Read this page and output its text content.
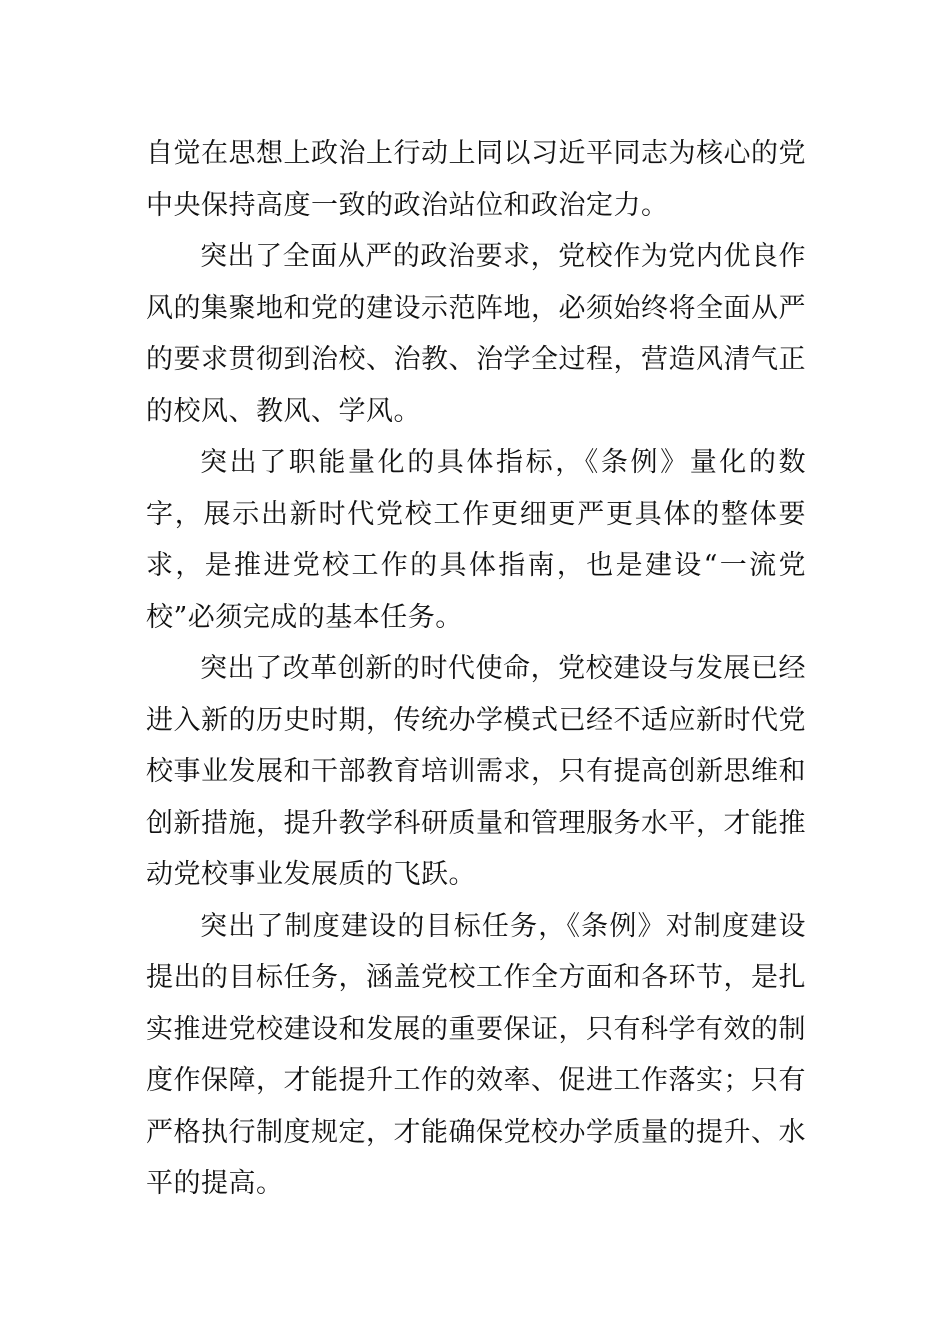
自觉在思想上政治上行动上同以习近平同志为核心的党中央保持高度一致的政治站位和政治定力。

突出了全面从严的政治要求，党校作为党内优良作风的集聚地和党的建设示范阵地，必须始终将全面从严的要求贯彻到治校、治教、治学全过程，营造风清气正的校风、教风、学风。

突出了职能量化的具体指标，《条例》量化的数字，展示出新时代党校工作更细更严更具体的整体要求，是推进党校工作的具体指南，也是建设“一流党校”必须完成的基本任务。

突出了改革创新的时代使命，党校建设与发展已经进入新的历史时期，传统办学模式已经不适应新时代党校事业发展和干部教育培训需求，只有提高创新思维和创新措施，提升教学科研质量和管理服务水平，才能推动党校事业发展质的飞跃。

突出了制度建设的目标任务，《条例》对制度建设提出的目标任务，涵盖党校工作全方面和各环节，是扎实推进党校建设和发展的重要保证，只有科学有效的制度作保障，才能提升工作的效率、促进工作落实；只有严格执行制度规定，才能确保党校办学质量的提升、水平的提高。
